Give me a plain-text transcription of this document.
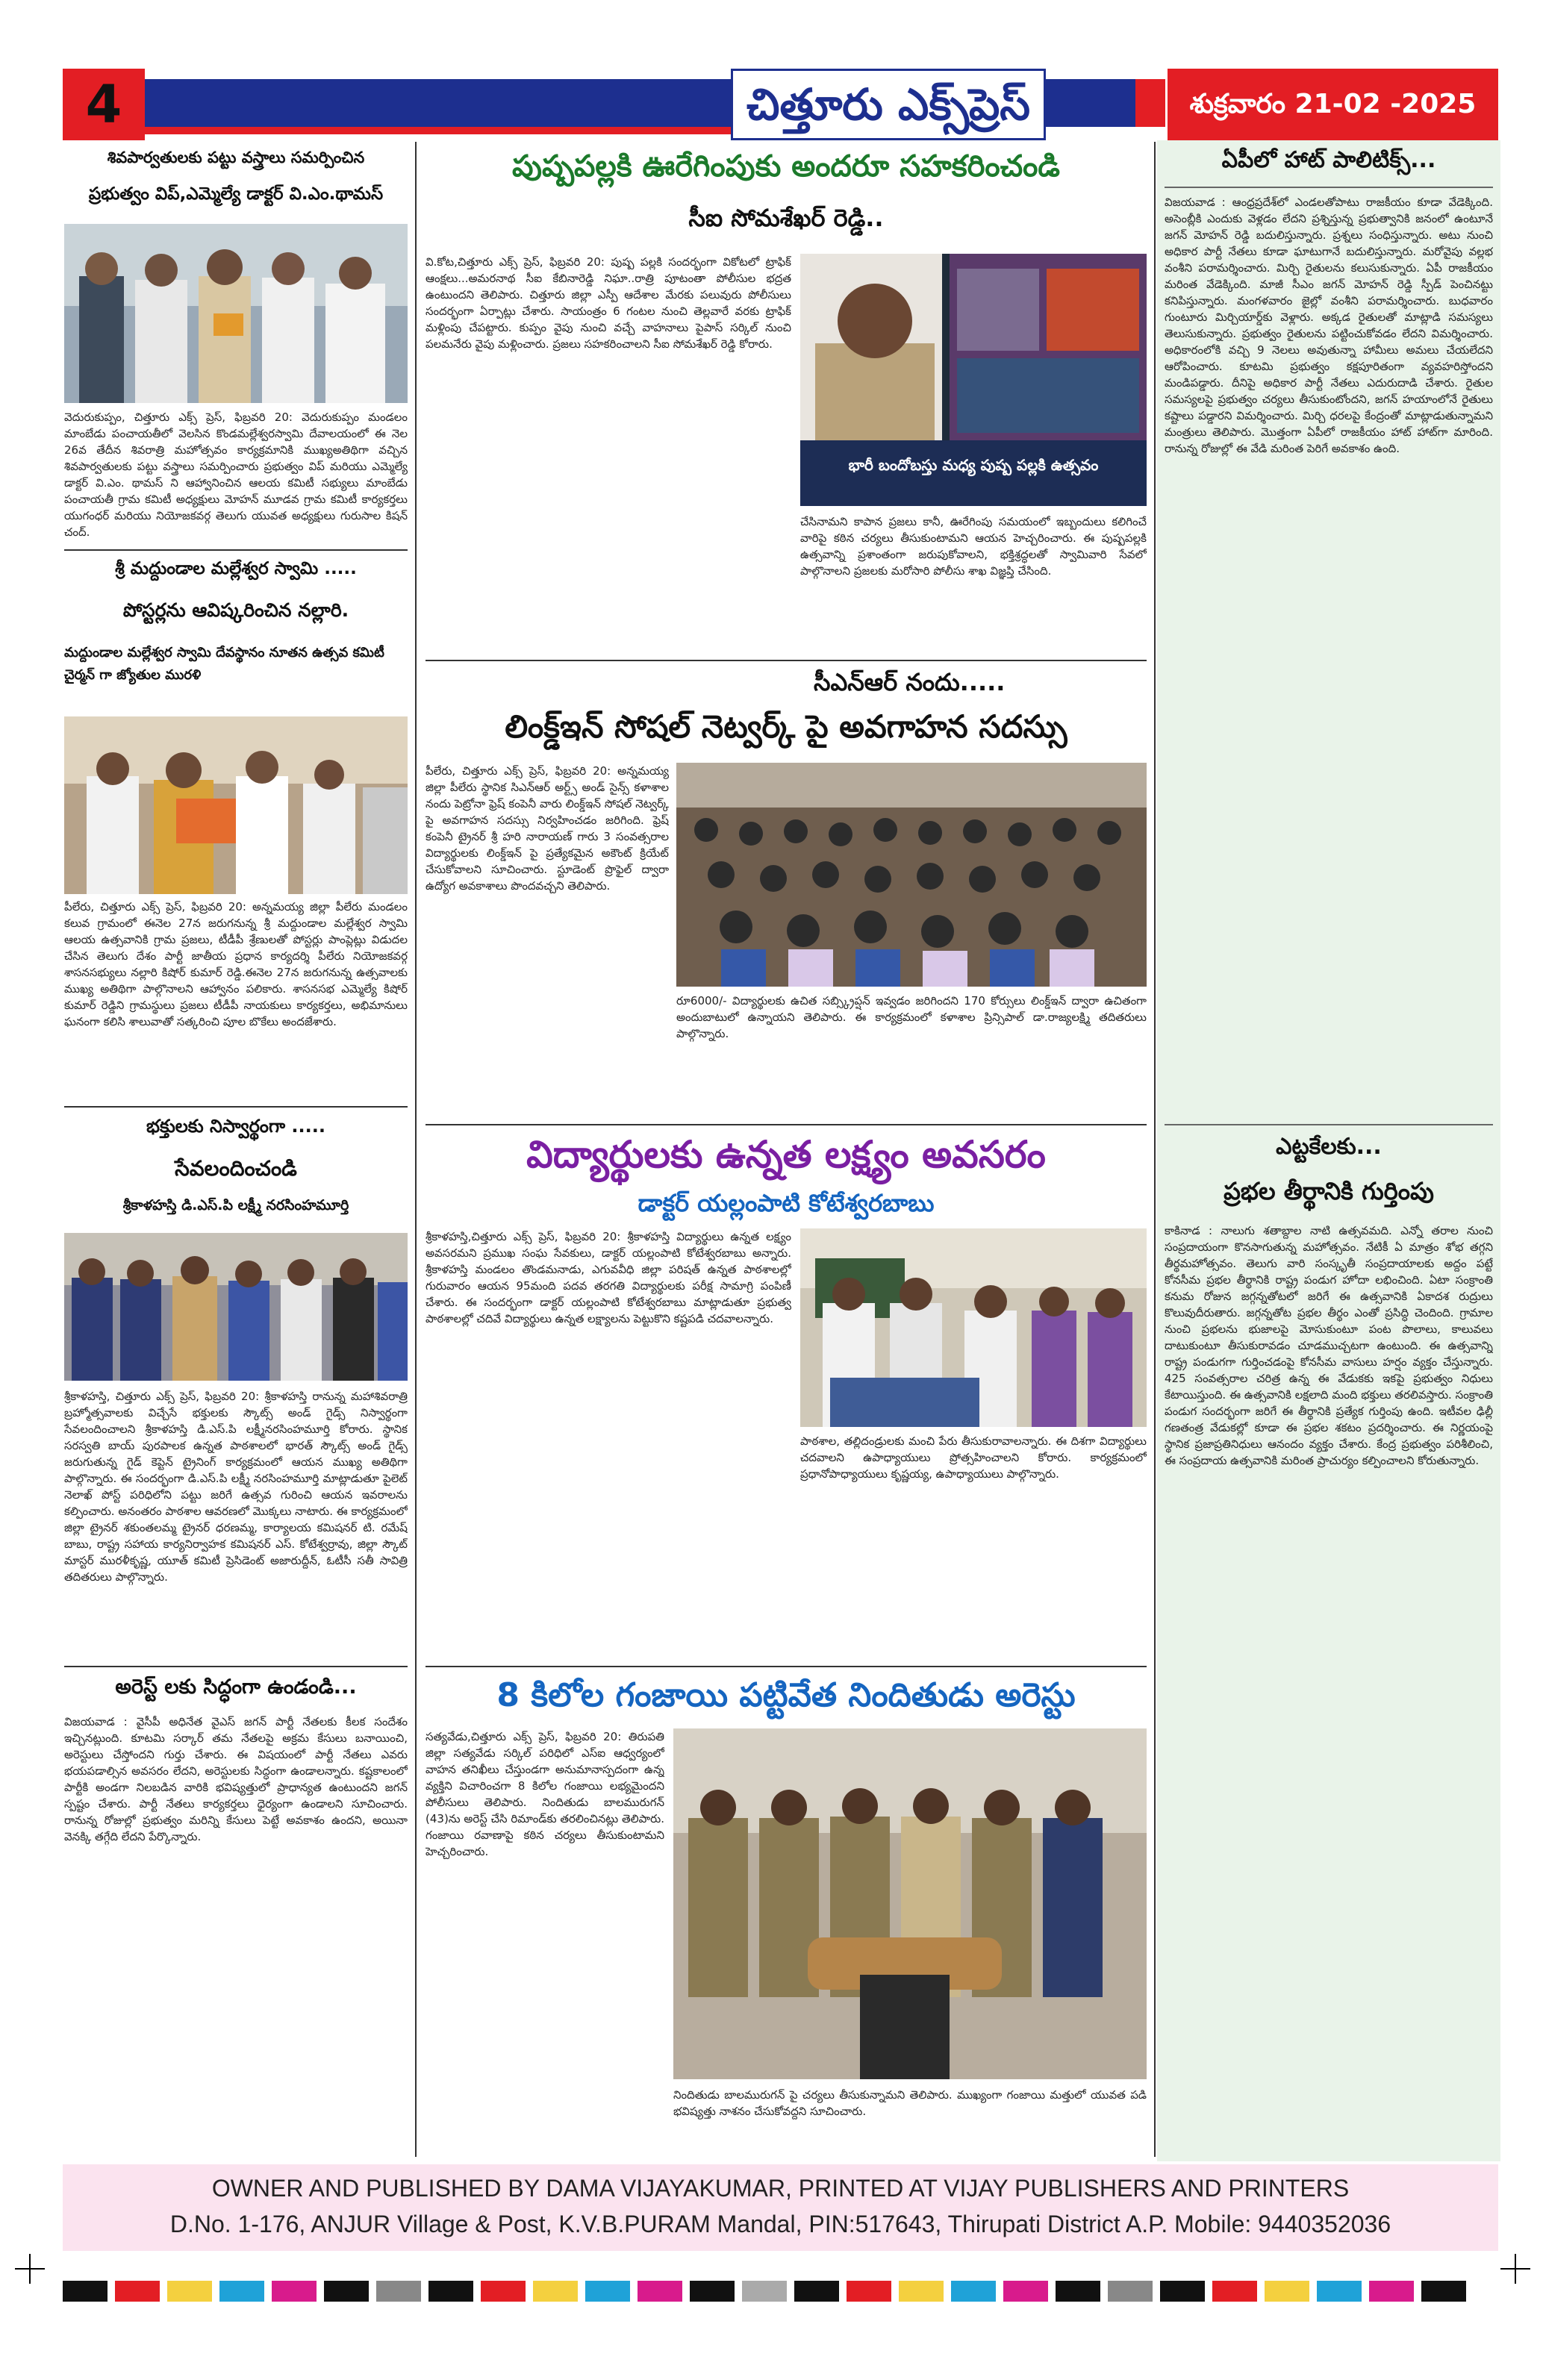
4	చిత్తూరు ఎక్స్‌ప్రెస్	శుక్రవారం 21-02 -2025
శివపార్వతులకు పట్టు వస్త్రాలు సమర్పించిన
ప్రభుత్వం విప్,ఎమ్మెల్యే డాక్టర్ వి.ఎం.థామస్
వెదురుకుప్పం, చిత్తూరు ఎక్స్ ప్రెస్, ఫిబ్రవరి 20: వెదురుకుప్పం మండలం మాంబేడు పంచాయతీలో వెలసిన కొండమల్లేశ్వరస్వామి దేవాలయంలో ఈ నెల 26వ తేదీన శివరాత్రి మహోత్సవం కార్యక్రమానికి ముఖ్యఅతిథిగా వచ్చిన శివపార్వతులకు పట్టు వస్త్రాలు సమర్పించారు ప్రభుత్వం విప్ మరియు ఎమ్మెల్యే డాక్టర్ వి.ఎం. థామస్ ని ఆహ్వానించిన ఆలయ కమిటీ సభ్యులు మాంబేడు పంచాయతీ గ్రామ కమిటీ అధ్యక్షులు మోహన్ మూడవ గ్రామ కమిటీ కార్యకర్తలు యుగంధర్ మరియు నియోజకవర్గ తెలుగు యువత అధ్యక్షులు గురుసాల కిషన్ చంద్.
శ్రీ మద్దుండాల మల్లేశ్వర స్వామి .....
పోస్టర్లను ఆవిష్కరించిన నల్లారి.
మద్దుండాల మల్లేశ్వర స్వామి దేవస్థానం నూతన ఉత్సవ కమిటీ చైర్మన్ గా జ్యోతుల మురళి
పీలేరు, చిత్తూరు ఎక్స్ ప్రెస్, ఫిబ్రవరి 20: అన్నమయ్య జిల్లా పీలేరు మండలం కలువ గ్రామంలో ఈనెల 27న జరుగనున్న శ్రీ మద్దుండాల మల్లేశ్వర స్వామి ఆలయ ఉత్సవానికి గ్రామ ప్రజలు, టీడీపీ శ్రేణులతో పోస్టర్లు పాంప్లెట్లు విడుదల చేసిన తెలుగు దేశం పార్టీ జాతీయ ప్రధాన కార్యదర్శి పీలేరు నియోజకవర్గ శాసనసభ్యులు నల్లారి కిషోర్ కుమార్ రెడ్డి.ఈనెల 27న జరుగనున్న ఉత్సవాలకు ముఖ్య అతిథిగా పాల్గొనాలని ఆహ్వానం పలికారు. శాసనసభ ఎమ్మెల్యే కిషోర్ కుమార్ రెడ్డిని గ్రామస్థులు ప్రజలు టీడీపీ నాయకులు కార్యకర్తలు, అభిమానులు ఘనంగా కలిసి శాలువాతో సత్కరించి పూల బొకేలు అందజేశారు.
భక్తులకు నిస్వార్థంగా .....
సేవలందించండి
శ్రీకాళహస్తి డి.ఎస్.పి లక్ష్మీ నరసింహమూర్తి
శ్రీకాళహస్తి, చిత్తూరు ఎక్స్ ప్రెస్, ఫిబ్రవరి 20: శ్రీకాళహస్తి రానున్న మహాశివరాత్రి బ్రహ్మోత్సవాలకు విచ్చేసే భక్తులకు స్కౌట్స్ అండ్ గైడ్స్ నిస్వార్థంగా సేవలందించాలని శ్రీకాళహస్తి డి.ఎస్.పి లక్ష్మీనరసింహమూర్తి కోరారు. స్థానిక సరస్వతి బాయ్ పురపాలక ఉన్నత పాఠశాలలో భారత్ స్కౌట్స్ అండ్ గైడ్స్ జరుగుతున్న గైడ్ కెప్టెన్ ట్రైనింగ్ కార్యక్రమంలో ఆయన ముఖ్య అతిథిగా పాల్గొన్నారు. ఈ సందర్భంగా డి.ఎస్.పి లక్ష్మీ నరసింహమూర్తి మాట్లాడుతూ పైలెట్ నెలాఖ్ పోస్ట్ పరిధిలోని పట్టు జరిగే ఉత్సవ గురించి ఆయన ఇవరాలను కల్పించారు. అనంతరం పాఠశాల ఆవరణలో మొక్కలు నాటారు. ఈ కార్యక్రమంలో జిల్లా ట్రైనర్ శకుంతలమ్మ ట్రైనర్ ధరణమ్మ, కార్యాలయ కమిషనర్ టి. రమేష్ బాబు, రాష్ట్ర సహాయ కార్యనిర్వాహక కమిషనర్ ఎస్. కోటేశ్వర్రావు, జిల్లా స్కౌట్ మాస్టర్ మురళీకృష్ణ, యూత్ కమిటీ ప్రెసిడెంట్ అజారుద్దీన్, ఓటీసీ సతీ సావిత్రి తదితరులు పాల్గొన్నారు.
అరెస్ట్ లకు సిద్ధంగా ఉండండి...
విజయవాడ : వైసీపీ అధినేత వైఎస్ జగన్ పార్టీ నేతలకు కీలక సందేశం ఇచ్చినట్లుంది. కూటమి సర్కార్ తమ నేతలపై అక్రమ కేసులు బనాయించి, అరెస్టులు చేస్తోందని గుర్తు చేశారు. ఈ విషయంలో పార్టీ నేతలు ఎవరు భయపడాల్సిన అవసరం లేదని, అరెస్టులకు సిద్ధంగా ఉండాలన్నారు. కష్టకాలంలో పార్టీకి అండగా నిలబడిన వారికి భవిష్యత్తులో ప్రాధాన్యత ఉంటుందని జగన్ స్పష్టం చేశారు. పార్టీ నేతలు కార్యకర్తలు ధైర్యంగా ఉండాలని సూచించారు. రానున్న రోజుల్లో ప్రభుత్వం మరిన్ని కేసులు పెట్టే అవకాశం ఉందని, అయినా వెనక్కి తగ్గేది లేదని పేర్కొన్నారు.
పుష్పపల్లకి ఊరేగింపుకు అందరూ సహకరించండి
సీఐ సోమశేఖర్ రెడ్డి..
వి.కోట,చిత్తూరు ఎక్స్ ప్రెస్, ఫిబ్రవరి 20: పుష్ప పల్లకి సందర్భంగా వికోటలో ట్రాఫిక్ ఆంక్షలు...అమరనాథ సీఐ కేబినారెడ్డి నిఘా..రాత్రి పూటంతా పోలీసుల భద్రత ఉంటుందని తెలిపారు. చిత్తూరు జిల్లా ఎస్పీ ఆదేశాల మేరకు పలువురు పోలీసులు సందర్భంగా ఏర్పాట్లు చేశారు. సాయంత్రం 6 గంటల నుంచి తెల్లవారే వరకు ట్రాఫిక్ మళ్లింపు చేపట్టారు. కుప్పం వైపు నుంచి వచ్చే వాహనాలు పైపాస్ సర్కిల్ నుంచి పలమనేరు వైపు మళ్లించారు. ప్రజలు సహకరించాలని సీఐ సోమశేఖర్ రెడ్డి కోరారు.
భారీ బందోబస్తు మధ్య పుష్ప పల్లకి ఉత్సవం
చేసినామని కాపాన ప్రజలు కానీ, ఊరేగింపు సమయంలో ఇబ్బందులు కలిగించే వారిపై కఠిన చర్యలు తీసుకుంటామని ఆయన హెచ్చరించారు. ఈ పుష్పపల్లకి ఉత్సవాన్ని ప్రశాంతంగా జరుపుకోవాలని, భక్తిశ్రద్ధలతో స్వామివారి సేవలో పాల్గొనాలని ప్రజలకు మరోసారి పోలీసు శాఖ విజ్ఞప్తి చేసింది.
సీఎన్ఆర్ నందు.....
లింక్డ్ఇన్ సోషల్ నెట్వర్క్ పై అవగాహన సదస్సు
పీలేరు, చిత్తూరు ఎక్స్ ప్రెస్, ఫిబ్రవరి 20: అన్నమయ్య జిల్లా పీలేరు స్థానిక సిఎన్ఆర్ అర్ట్స్ అండ్ సైన్స్ కళాశాల నందు పెట్రోనా ఫ్రెష్ కంపెనీ వారు లింక్డ్ఇన్ సోషల్ నెట్వర్క్ పై అవగాహన సదస్సు నిర్వహించడం జరిగింది. ఫ్రెష్ కంపెనీ ట్రైనర్ శ్రీ హరి నారాయణ్ గారు 3 సంవత్సరాల విద్యార్థులకు లింక్డ్ఇన్ పై ప్రత్యేకమైన అకౌంట్ క్రియేట్ చేసుకోవాలని సూచించారు. స్టూడెంట్ ప్రొఫైల్ ద్వారా ఉద్యోగ అవకాశాలు పొందవచ్చని తెలిపారు.
రూ6000/- విద్యార్థులకు ఉచిత సబ్స్క్రిప్షన్ ఇవ్వడం జరిగిందని 170 కోర్సులు లింక్డ్ఇన్ ద్వారా ఉచితంగా అందుబాటులో ఉన్నాయని తెలిపారు. ఈ కార్యక్రమంలో కళాశాల ప్రిన్సిపాల్ డా.రాజ్యలక్ష్మి తదితరులు పాల్గొన్నారు.
విద్యార్థులకు ఉన్నత లక్ష్యం అవసరం
డాక్టర్ యల్లంపాటి కోటేశ్వరబాబు
శ్రీకాళహస్తి,చిత్తూరు ఎక్స్ ప్రెస్, ఫిబ్రవరి 20: శ్రీకాళహస్తి విద్యార్థులు ఉన్నత లక్ష్యం అవసరమని ప్రముఖ సంఘ సేవకులు, డాక్టర్ యల్లంపాటి కోటేశ్వరబాబు అన్నారు. శ్రీకాళహస్తి మండలం తొండమనాడు, ఎగువవీధి జిల్లా పరిషత్ ఉన్నత పాఠశాలల్లో గురువారం ఆయన 95మంది పదవ తరగతి విద్యార్థులకు పరీక్ష సామాగ్రి పంపిణీ చేశారు. ఈ సందర్భంగా డాక్టర్ యల్లంపాటి కోటేశ్వరబాబు మాట్లాడుతూ ప్రభుత్వ పాఠశాలల్లో చదివే విద్యార్థులు ఉన్నత లక్ష్యాలను పెట్టుకొని కష్టపడి చదవాలన్నారు.
పాఠశాల, తల్లిదండ్రులకు మంచి పేరు తీసుకురావాలన్నారు. ఈ దిశగా విద్యార్థులు చదవాలని ఉపాధ్యాయులు ప్రోత్సహించాలని కోరారు. కార్యక్రమంలో ప్రధానోపాధ్యాయులు కృష్ణయ్య, ఉపాధ్యాయులు పాల్గొన్నారు.
8 కిలోల గంజాయి పట్టివేత నిందితుడు అరెస్టు
సత్యవేడు,చిత్తూరు ఎక్స్ ప్రెస్, ఫిబ్రవరి 20: తిరుపతి జిల్లా సత్యవేడు సర్కిల్ పరిధిలో ఎస్ఐ ఆధ్వర్యంలో వాహన తనిఖీలు చేస్తుండగా అనుమానాస్పదంగా ఉన్న వ్యక్తిని విచారించగా 8 కిలోల గంజాయి లభ్యమైందని పోలీసులు తెలిపారు. నిందితుడు బాలమురుగన్ (43)ను అరెస్ట్ చేసి రిమాండ్‌కు తరలించినట్లు తెలిపారు. గంజాయి రవాణాపై కఠిన చర్యలు తీసుకుంటామని హెచ్చరించారు.
నిందితుడు బాలమురుగన్ పై చర్యలు తీసుకున్నామని తెలిపారు. ముఖ్యంగా గంజాయి మత్తులో యువత పడి భవిష్యత్తు నాశనం చేసుకోవద్దని సూచించారు.
ఏపీలో హాట్ పాలిటిక్స్...
విజయవాడ : ఆంధ్రప్రదేశ్‌లో ఎండలతోపాటు రాజకీయం కూడా వేడెక్కింది. అసెంబ్లీకి ఎందుకు వెళ్లడం లేదని ప్రశ్నిస్తున్న ప్రభుత్వానికి జనంలో ఉంటూనే జగన్ మోహన్ రెడ్డి బదులిస్తున్నారు. ప్రశ్నలు సంధిస్తున్నారు. అటు నుంచి అధికార పార్టీ నేతలు కూడా ఘాటుగానే బదులిస్తున్నారు. మరోవైపు వల్లభ వంశీని పరామర్శించారు. మిర్చి రైతులను కలుసుకున్నారు. ఏపీ రాజకీయం మరింత వేడెక్కింది. మాజీ సీఎం జగన్ మోహన్ రెడ్డి స్పీడ్ పెంచినట్టు కనిపిస్తున్నారు. మంగళవారం జైల్లో వంశీని పరామర్శించారు. బుధవారం గుంటూరు మిర్చియార్డ్‌కు వెళ్లారు. అక్కడ రైతులతో మాట్లాడి సమస్యలు తెలుసుకున్నారు. ప్రభుత్వం రైతులను పట్టించుకోవడం లేదని విమర్శించారు. అధికారంలోకి వచ్చి 9 నెలలు అవుతున్నా హామీలు అమలు చేయలేదని ఆరోపించారు. కూటమి ప్రభుత్వం కక్షపూరితంగా వ్యవహరిస్తోందని మండిపడ్డారు. దీనిపై అధికార పార్టీ నేతలు ఎదురుదాడి చేశారు. రైతుల సమస్యలపై ప్రభుత్వం చర్యలు తీసుకుంటోందని, జగన్ హయాంలోనే రైతులు కష్టాలు పడ్డారని విమర్శించారు. మిర్చి ధరలపై కేంద్రంతో మాట్లాడుతున్నామని మంత్రులు తెలిపారు. మొత్తంగా ఏపీలో రాజకీయం హాట్ హాట్‌గా మారింది. రానున్న రోజుల్లో ఈ వేడి మరింత పెరిగే అవకాశం ఉంది.
ఎట్టకేలకు...
ప్రభల తీర్థానికి గుర్తింపు
కాకినాడ : నాలుగు శతాబ్దాల నాటి ఉత్సవమది. ఎన్నో తరాల నుంచి సంప్రదాయంగా కొనసాగుతున్న మహోత్సవం. నేటికీ ఏ మాత్రం శోభ తగ్గని తీర్థమహోత్సవం. తెలుగు వారి సంస్కృతీ సంప్రదాయాలకు అద్దం పట్టే కోనసీమ ప్రభల తీర్థానికి రాష్ట్ర పండుగ హోదా లభించింది. ఏటా సంక్రాంతి కనుమ రోజున జగ్గన్నతోటలో జరిగే ఈ ఉత్సవానికి ఏకాదశ రుద్రులు కొలువుదీరుతారు. జగ్గన్నతోట ప్రభల తీర్థం ఎంతో ప్రసిద్ధి చెందింది. గ్రామాల నుంచి ప్రభలను భుజాలపై మోసుకుంటూ పంట పొలాలు, కాలువలు దాటుకుంటూ తీసుకురావడం చూడముచ్చటగా ఉంటుంది. ఈ ఉత్సవాన్ని రాష్ట్ర పండుగగా గుర్తించడంపై కోనసీమ వాసులు హర్షం వ్యక్తం చేస్తున్నారు. 425 సంవత్సరాల చరిత్ర ఉన్న ఈ వేడుకకు ఇకపై ప్రభుత్వం నిధులు కేటాయిస్తుంది. ఈ ఉత్సవానికి లక్షలాది మంది భక్తులు తరలివస్తారు. సంక్రాంతి పండుగ సందర్భంగా జరిగే ఈ తీర్థానికి ప్రత్యేక గుర్తింపు ఉంది. ఇటీవల ఢిల్లీ గణతంత్ర వేడుకల్లో కూడా ఈ ప్రభల శకటం ప్రదర్శించారు. ఈ నిర్ణయంపై స్థానిక ప్రజాప్రతినిధులు ఆనందం వ్యక్తం చేశారు. కేంద్ర ప్రభుత్వం పరిశీలించి, ఈ సంప్రదాయ ఉత్సవానికి మరింత ప్రాచుర్యం కల్పించాలని కోరుతున్నారు.
OWNER AND PUBLISHED BY DAMA VIJAYAKUMAR, PRINTED AT VIJAY PUBLISHERS AND PRINTERS
D.No. 1-176, ANJUR Village & Post, K.V.B.PURAM Mandal, PIN:517643, Thirupati District A.P. Mobile: 9440352036
